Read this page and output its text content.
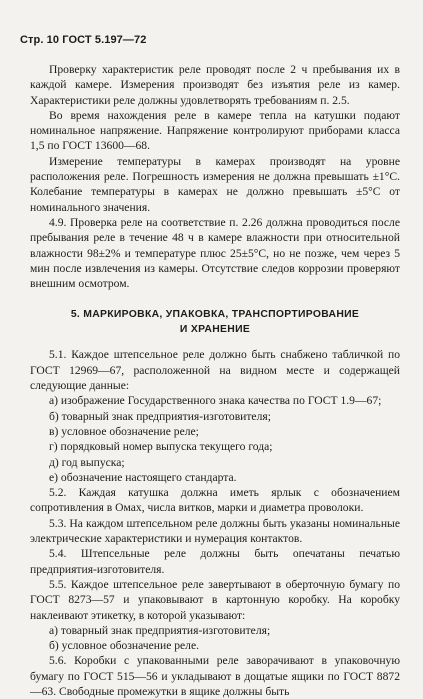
Стр. 10 ГОСТ 5.197—72

Проверку характеристик реле проводят после 2 ч пребывания их в каждой камере. Измерения производят без изъятия реле из камер. Характеристики реле должны удовлетворять требованиям п. 2.5.

Во время нахождения реле в камере тепла на катушки подают номинальное напряжение. Напряжение контролируют приборами класса 1,5 по ГОСТ 13600—68.

Измерение температуры в камерах производят на уровне расположения реле. Погрешность измерения не должна превышать ±1°С. Колебание температуры в камерах не должно превышать ±5°С от номинального значения.

4.9. Проверка реле на соответствие п. 2.26 должна проводиться после пребывания реле в течение 48 ч в камере влажности при относительной влажности 98±2% и температуре плюс 25±5°С, но не позже, чем через 5 мин после извлечения из камеры. Отсутствие следов коррозии проверяют внешним осмотром.

5. МАРКИРОВКА, УПАКОВКА, ТРАНСПОРТИРОВАНИЕ

И ХРАНЕНИЕ

5.1. Каждое штепсельное реле должно быть снабжено табличкой по ГОСТ 12969—67, расположенной на видном месте и содержащей следующие данные:

а) изображение Государственного знака качества по ГОСТ 1.9—67;

б) товарный знак предприятия-изготовителя;
в) условное обозначение реле;
г) порядковый номер выпуска текущего года;
д) год выпуска;
е) обозначение настоящего стандарта.

5.2. Каждая катушка должна иметь ярлык с обозначением сопротивления в Омах, числа витков, марки и диаметра проволоки.

5.3. На каждом штепсельном реле должны быть указаны номинальные электрические характеристики и нумерация контактов.

5.4. Штепсельные реле должны быть опечатаны печатью предприятия-изготовителя.

5.5. Каждое штепсельное реле завертывают в оберточную бумагу по ГОСТ 8273—57 и упаковывают в картонную коробку. На коробку наклеивают этикетку, в которой указывают:

а) товарный знак предприятия-изготовителя;
б) условное обозначение реле.

5.6. Коробки с упакованными реле заворачивают в упаковочную бумагу по ГОСТ 515—56 и укладывают в дощатые ящики по ГОСТ 8872—63. Свободные промежутки в ящике должны быть
